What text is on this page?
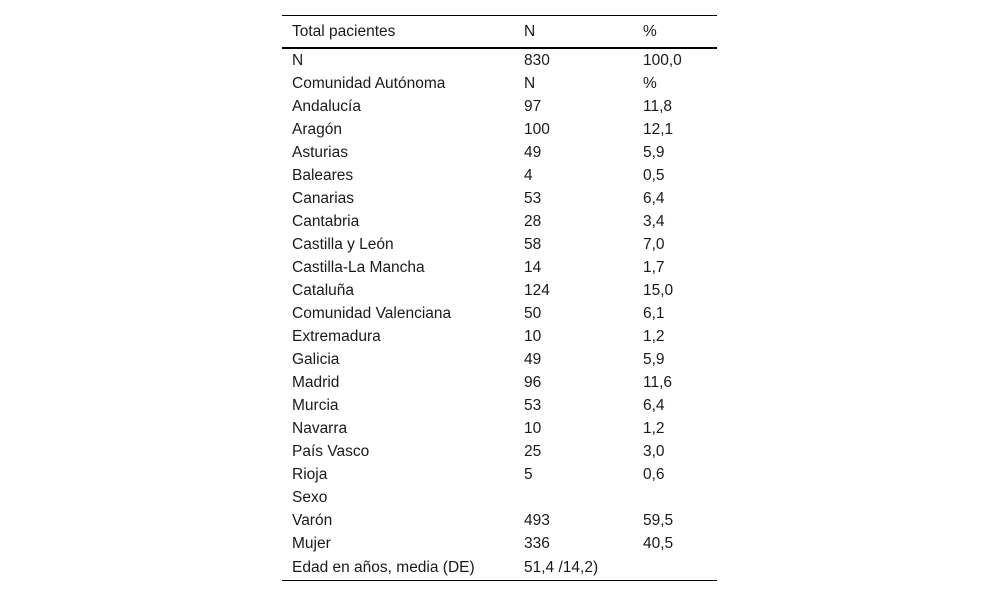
Total pacientes	N	%
N	830	100,0
Comunidad Autónoma	N	%
Andalucía	97	11,8
Aragón	100	12,1
Asturias	49	5,9
Baleares	4	0,5
Canarias	53	6,4
Cantabria	28	3,4
Castilla y León	58	7,0
Castilla-La Mancha	14	1,7
Cataluña	124	15,0
Comunidad Valenciana	50	6,1
Extremadura	10	1,2
Galicia	49	5,9
Madrid	96	11,6
Murcia	53	6,4
Navarra	10	1,2
País Vasco	25	3,0
Rioja	5	0,6
Sexo		
Varón	493	59,5
Mujer	336	40,5
Edad en años, media (DE)	51,4 /14,2)	
